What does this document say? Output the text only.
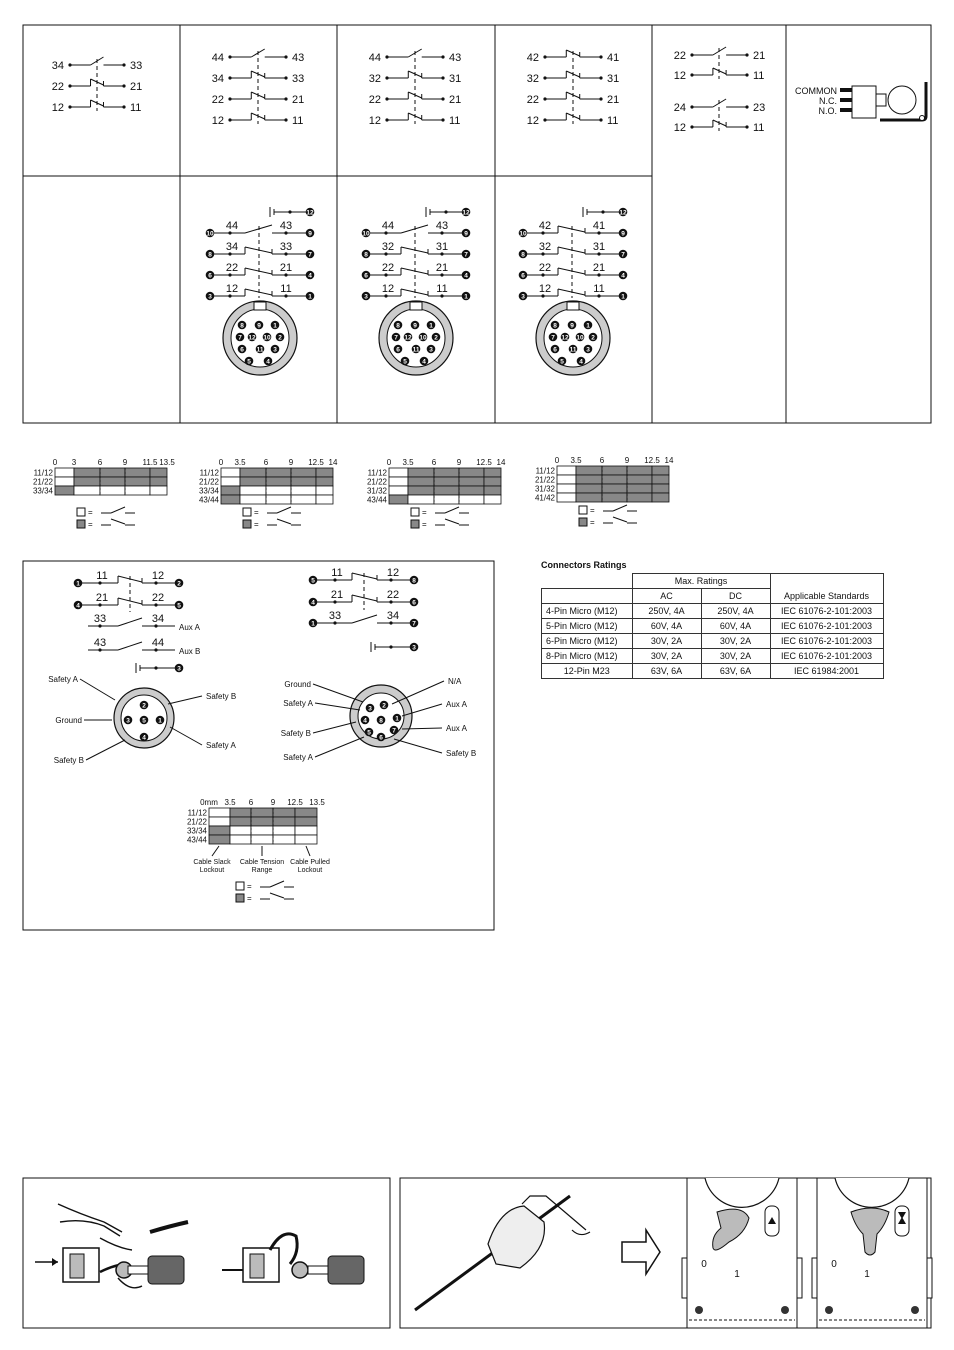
34	33
22	21
12	11
44	43
34	33
22	21
12	11
44	43
32	31
22	21
12	11
42	41
32	31
22	21
12	11
22	21
12	11
24	23
12	11
COMMON
N.C.
N.O.
12
10	9
44	43
8	7
34	33
6	4
22	21
3	1
12	11
8 9 1
7 12 10 2
6 11 3
5 4
12
10	9
44	43
8	7
32	31
6	4
22	21
3	1
12	11
8 9 1
7 12 10 2
6 11 3
5 4
12
10	9
42	41
8	7
32	31
6	4
22	21
3	1
12	11
8 9 1
7 12 10 2
6 11 3
5 4
0 3	6	9 11.5 13.5
11/12
21/22
33/34
=
=
0 3.5 6	9 12.5 14
11/12
21/22
33/34
43/44
=
=
0 3.5 6	9 12.5 14
11/12
21/22
31/32
43/44
=
=
0 3.5 6	9 12.5 14
11/12
21/22
31/32
41/42
=
=
1	2
11	12
4	5
21	22
33	34
Aux A
43	44
Aux B
3
2
3 5 1
4
Safety A
Ground
Safety B
Safety B
Safety A
5	8
11	12
4	6
21	22
1	7
33	34
3
3 2
4 8 1
5	7
6
Ground
Safety A
Safety B
Safety A
N/A
Aux A
Aux A
Safety B
0mm 3.5 6 9 12.5 13.5
11/12
21/22
33/34
43/44
Cable Slack
Lockout
Cable Tension
Range
Cable Pulled
Lockout
=
=
0
1
0
1
Connectors Ratings
	Max. Ratings		
	AC	DC	Applicable Standards
4-Pin Micro (M12)	250V, 4A	250V, 4A	IEC 61076-2-101:2003
5-Pin Micro (M12)	60V, 4A	60V, 4A	IEC 61076-2-101:2003
6-Pin Micro (M12)	30V, 2A	30V, 2A	IEC 61076-2-101:2003
8-Pin Micro (M12)	30V, 2A	30V, 2A	IEC 61076-2-101:2003
12-Pin M23	63V, 6A	63V, 6A	IEC 61984:2001
